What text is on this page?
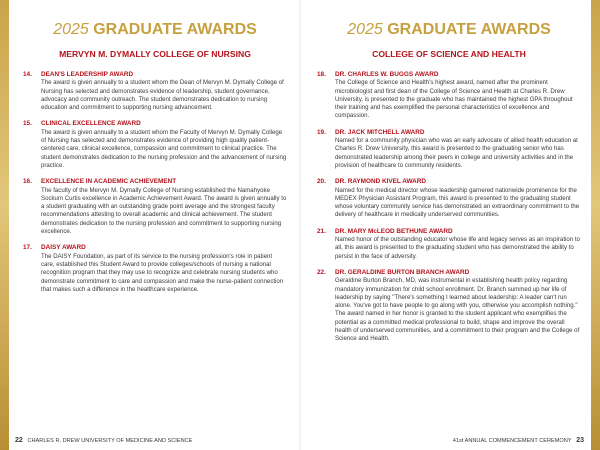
2025 GRADUATE AWARDS
MERVYN M. DYMALLY COLLEGE OF NURSING
14.	DEAN'S LEADERSHIP AWARD
The award is given annually to a student whom the Dean of Mervyn M. Dymally College of Nursing has selected and demonstrates evidence of leadership, student governance, advocacy and community outreach. The student demonstrates dedication to nursing education and commitment to supporting nursing advancement.
15.	CLINICAL EXCELLENCE AWARD
The award is given annually to a student whom the Faculty of Mervyn M. Dymally College of Nursing has selected and demonstrates evidence of providing high quality patient-centered care, clinical excellence, compassion and commitment to clinical practice. The student demonstrates dedication to the nursing profession and the advancement of nursing practice.
16.	EXCELLENCE IN ACADEMIC ACHIEVEMENT
The faculty of the Mervyn M. Dymally College of Nursing established the Namahyoke Sockum Curtis excellence in Academic Achievement Award. The award is given annually to a student graduating with an outstanding grade point average and the strongest faculty recommendations attesting to overall academic and clinical achievement. The student demonstrates dedication to the nursing profession and commitment to supporting nursing excellence.
17.	DAISY AWARD
The DAISY Foundation, as part of its service to the nursing profession's role in patient care, established this Student Award to provide colleges/schools of nursing a national recognition program that they may use to recognize and celebrate nursing students who demonstrate commitment to care and compassion and make the nurse-patient connection that makes such a difference in the healthcare experience.
2025 GRADUATE AWARDS
COLLEGE OF SCIENCE AND HEALTH
18.	DR. CHARLES W. BUGGS AWARD
The College of Science and Health's highest award, named after the prominent microbiologist and first dean of the College of Science and Health at Charles R. Drew University, is presented to the graduate who has maintained the highest GPA throughout their training and has exemplified the personal characteristics of excellence and compassion.
19.	DR. JACK MITCHELL AWARD
Named for a community physician who was an early advocate of allied health education at Charles R. Drew University, this award is presented to the graduating senior who has demonstrated leadership among their peers in college and university activities and in the provision of healthcare to community residents.
20.	DR. RAYMOND KIVEL AWARD
Named for the medical director whose leadership garnered nationwide prominence for the MEDEX Physician Assistant Program, this award is presented to the graduating student whose voluntary community service has demonstrated an extraordinary commitment to the delivery of healthcare in medically underserved communities.
21.	DR. MARY McLEOD BETHUNE AWARD
Named honor of the outstanding educator whose life and legacy serves as an inspiration to all, this award is presented to the graduating student who has demonstrated the ability to persist in the face of adversity.
22.	DR. GERALDINE BURTON BRANCH AWARD
Geraldine Burton Branch, MD, was instrumental in establishing health policy regarding mandatory immunization for child school enrollment. Dr. Branch summed up her life of leadership by saying "There's something I learned about leadership: A leader can't run alone. You've got to have people to go along with you, otherwise you accomplish nothing." The award named in her honor is granted to the student applicant who exemplifies the potential as a committed medical professional to build, shape and improve the overall health of underserved communities, and a commitment to their program and the College of Science and Health.
22 CHARLES R. DREW UNIVERSITY OF MEDICINE AND SCIENCE	41st ANNUAL COMMENCEMENT CEREMONY 23
